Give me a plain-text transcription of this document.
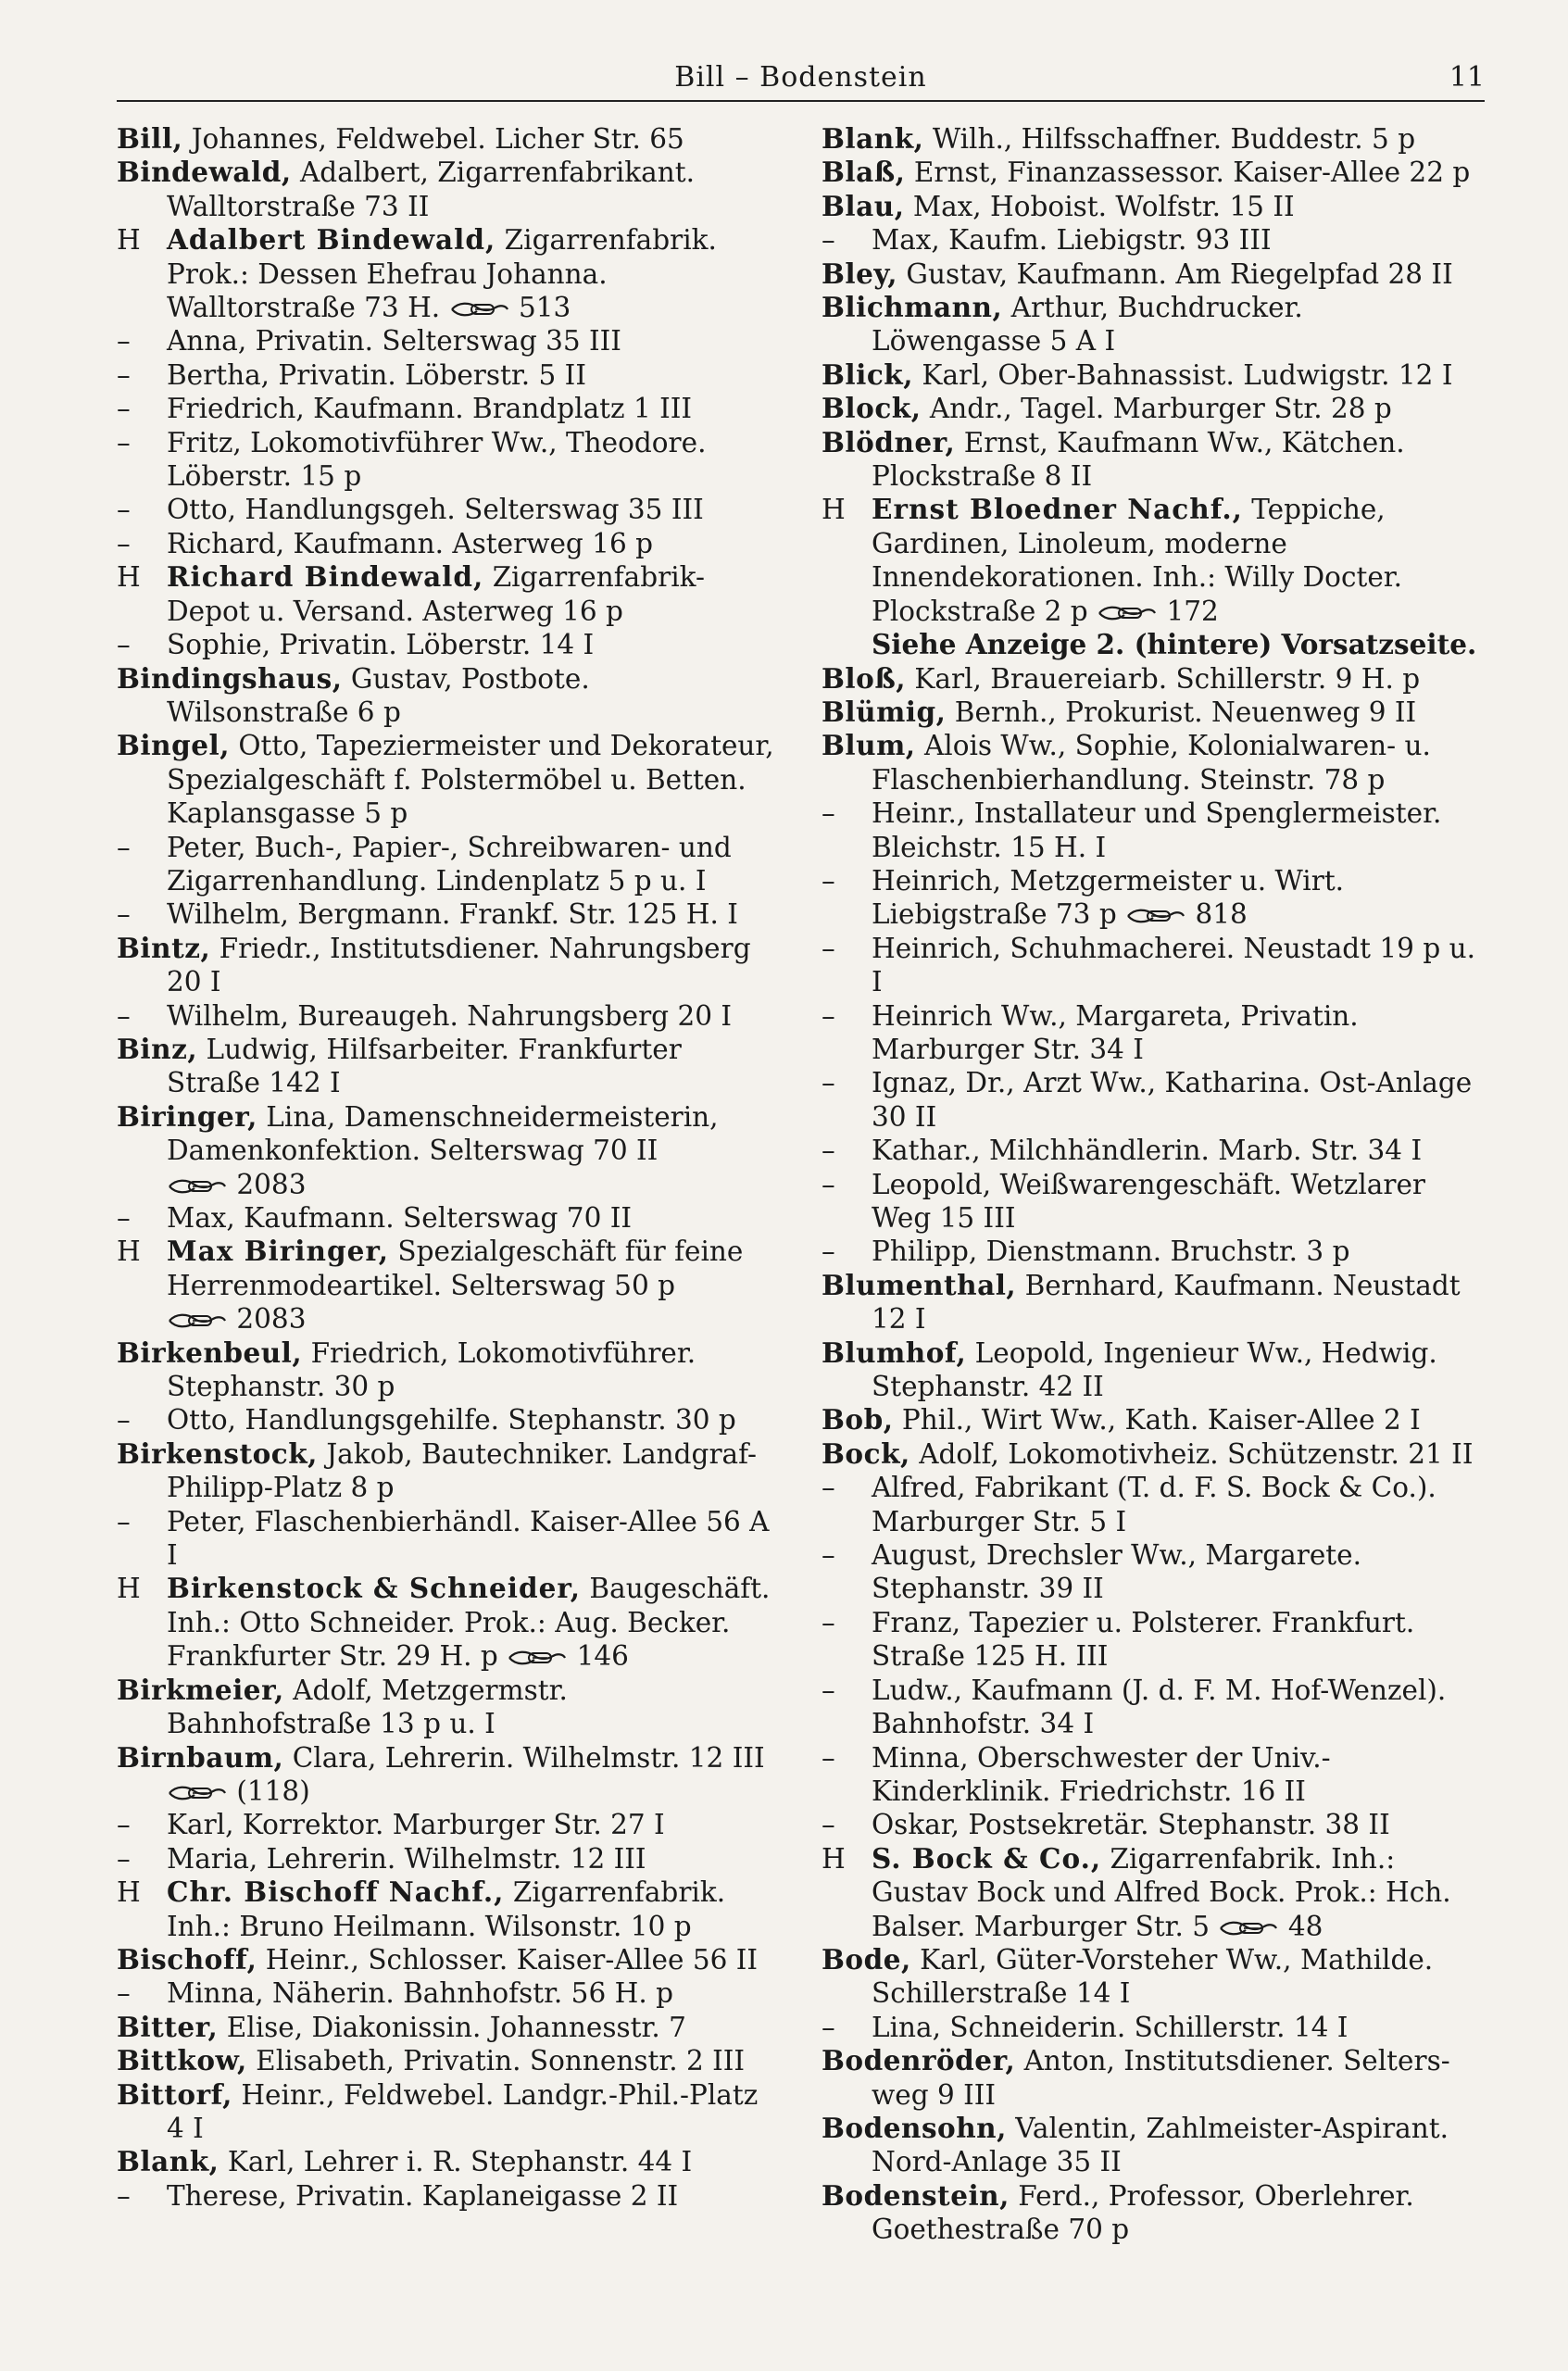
Bill – Bodenstein	11
Bill, Johannes, Feldwebel. Licher Str. 65
Bindewald, Adalbert, Zigarrenfabrikant. Walltorstraße 73 II
H Adalbert Bindewald, Zigarrenfabrik. Prok.: Dessen Ehefrau Johanna. Walltorstraße 73 H.	513
– Anna, Privatin. Selterswag 35 III
– Bertha, Privatin. Löberstr. 5 II
– Friedrich, Kaufmann. Brandplatz 1 III
– Fritz, Lokomotivführer Ww., Theodore. Löberstr. 15 p
– Otto, Handlungsgeh. Selterswag 35 III
– Richard, Kaufmann. Asterweg 16 p
H Richard Bindewald, Zigarrenfabrik-Depot u. Versand. Asterweg 16 p
– Sophie, Privatin. Löberstr. 14 I
Bindingshaus, Gustav, Postbote. Wilsonstraße 6 p
Bingel, Otto, Tapeziermeister und Dekorateur, Spezialgeschäft f. Polstermöbel u. Betten. Kaplansgasse 5 p
– Peter, Buch-, Papier-, Schreibwaren- und Zigarrenhandlung. Lindenplatz 5 p u. I
– Wilhelm, Bergmann. Frankf. Str. 125 H. I
Bintz, Friedr., Institutsdiener. Nahrungsberg 20 I
– Wilhelm, Bureaugeh. Nahrungsberg 20 I
Binz, Ludwig, Hilfsarbeiter. Frankfurter Straße 142 I
Biringer, Lina, Damenschneidermeisterin, Damenkonfektion. Selterswag 70 II
2083
– Max, Kaufmann. Selterswag 70 II
H Max Biringer, Spezialgeschäft für feine Herrenmodeartikel. Selterswag 50 p
2083
Birkenbeul, Friedrich, Lokomotivführer. Stephanstr. 30 p
– Otto, Handlungsgehilfe. Stephanstr. 30 p
Birkenstock, Jakob, Bautechniker. Landgraf-Philipp-Platz 8 p
– Peter, Flaschenbierhändl. Kaiser-Allee 56 A I
H Birkenstock & Schneider, Baugeschäft. Inh.: Otto Schneider. Prok.: Aug. Becker. Frankfurter Str. 29 H. p	146
Birkmeier, Adolf, Metzgermstr. Bahnhofstraße 13 p u. I
Birnbaum, Clara, Lehrerin. Wilhelmstr. 12 III
(118)
– Karl, Korrektor. Marburger Str. 27 I
– Maria, Lehrerin. Wilhelmstr. 12 III
H Chr. Bischoff Nachf., Zigarrenfabrik. Inh.: Bruno Heilmann. Wilsonstr. 10 p
Bischoff, Heinr., Schlosser. Kaiser-Allee 56 II
– Minna, Näherin. Bahnhofstr. 56 H. p
Bitter, Elise, Diakonissin. Johannesstr. 7
Bittkow, Elisabeth, Privatin. Sonnenstr. 2 III
Bittorf, Heinr., Feldwebel. Landgr.-Phil.-Platz 4 I
Blank, Karl, Lehrer i. R. Stephanstr. 44 I
– Therese, Privatin. Kaplaneigasse 2 II
Blank, Wilh., Hilfsschaffner. Buddestr. 5 p
Blaß, Ernst, Finanzassessor. Kaiser-Allee 22 p
Blau, Max, Hoboist. Wolfstr. 15 II
– Max, Kaufm. Liebigstr. 93 III
Bley, Gustav, Kaufmann. Am Riegelpfad 28 II
Blichmann, Arthur, Buchdrucker. Löwengasse 5 A I
Blick, Karl, Ober-Bahnassist. Ludwigstr. 12 I
Block, Andr., Tagel. Marburger Str. 28 p
Blödner, Ernst, Kaufmann Ww., Kätchen. Plockstraße 8 II
H Ernst Bloedner Nachf., Teppiche, Gardinen, Linoleum, moderne Innendekorationen. Inh.: Willy Docter. Plockstraße 2 p	172
Siehe Anzeige 2. (hintere) Vorsatzseite.
Bloß, Karl, Brauereiarb. Schillerstr. 9 H. p
Blümig, Bernh., Prokurist. Neuenweg 9 II
Blum, Alois Ww., Sophie, Kolonialwaren- u. Flaschenbierhandlung. Steinstr. 78 p
– Heinr., Installateur und Spenglermeister. Bleichstr. 15 H. I
– Heinrich, Metzgermeister u. Wirt. Liebigstraße 73 p	818
– Heinrich, Schuhmacherei. Neustadt 19 p u. I
– Heinrich Ww., Margareta, Privatin. Marburger Str. 34 I
– Ignaz, Dr., Arzt Ww., Katharina. Ost-Anlage 30 II
– Kathar., Milchhändlerin. Marb. Str. 34 I
– Leopold, Weißwarengeschäft. Wetzlarer Weg 15 III
– Philipp, Dienstmann. Bruchstr. 3 p
Blumenthal, Bernhard, Kaufmann. Neustadt 12 I
Blumhof, Leopold, Ingenieur Ww., Hedwig. Stephanstr. 42 II
Bob, Phil., Wirt Ww., Kath. Kaiser-Allee 2 I
Bock, Adolf, Lokomotivheiz. Schützenstr. 21 II
– Alfred, Fabrikant (T. d. F. S. Bock & Co.). Marburger Str. 5 I
– August, Drechsler Ww., Margarete. Stephanstr. 39 II
– Franz, Tapezier u. Polsterer. Frankfurt. Straße 125 H. III
– Ludw., Kaufmann (J. d. F. M. Hof-Wenzel). Bahnhofstr. 34 I
– Minna, Oberschwester der Univ.-Kinderklinik. Friedrichstr. 16 II
– Oskar, Postsekretär. Stephanstr. 38 II
H S. Bock & Co., Zigarrenfabrik. Inh.: Gustav Bock und Alfred Bock. Prok.: Hch. Balser. Marburger Str. 5	48
Bode, Karl, Güter-Vorsteher Ww., Mathilde. Schillerstraße 14 I
– Lina, Schneiderin. Schillerstr. 14 I
Bodenröder, Anton, Institutsdiener. Selters-weg 9 III
Bodensohn, Valentin, Zahlmeister-Aspirant. Nord-Anlage 35 II
Bodenstein, Ferd., Professor, Oberlehrer. Goethestraße 70 p
